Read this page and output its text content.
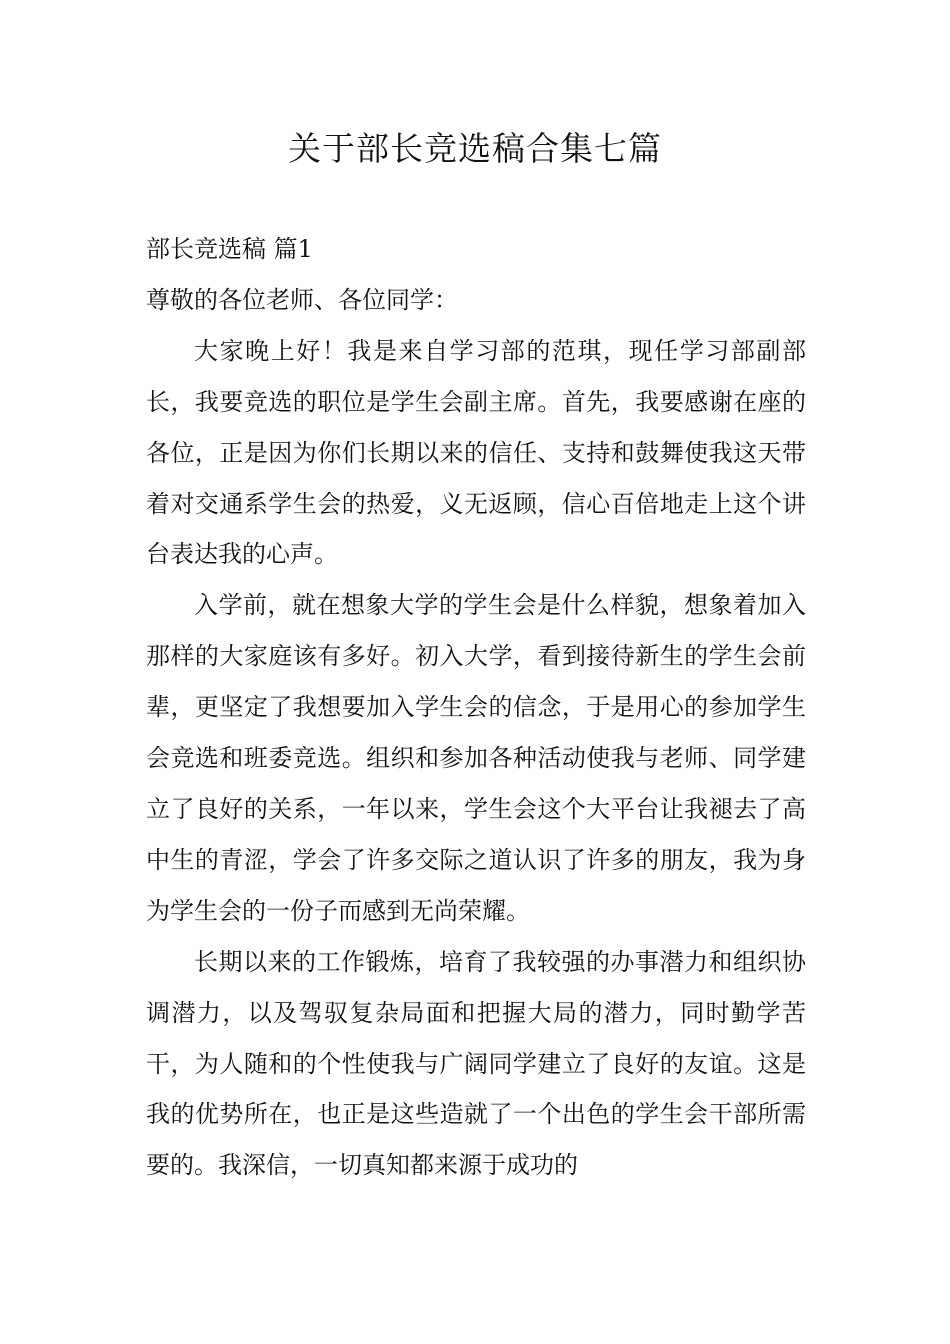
关于部长竞选稿合集七篇

部长竞选稿 篇1

尊敬的各位老师、各位同学：

大家晚上好！我是来自学习部的范琪，现任学习部副部长，我要竞选的职位是学生会副主席。首先，我要感谢在座的各位，正是因为你们长期以来的信任、支持和鼓舞使我这天带着对交通系学生会的热爱，义无返顾，信心百倍地走上这个讲台表达我的心声。

入学前，就在想象大学的学生会是什么样貌，想象着加入那样的大家庭该有多好。初入大学，看到接待新生的学生会前辈，更坚定了我想要加入学生会的信念，于是用心的参加学生会竞选和班委竞选。组织和参加各种活动使我与老师、同学建立了良好的关系，一年以来，学生会这个大平台让我褪去了高中生的青涩，学会了许多交际之道认识了许多的朋友，我为身为学生会的一份子而感到无尚荣耀。

长期以来的工作锻炼，培育了我较强的办事潜力和组织协调潜力，以及驾驭复杂局面和把握大局的潜力，同时勤学苦干，为人随和的个性使我与广阔同学建立了良好的友谊。这是我的优势所在，也正是这些造就了一个出色的学生会干部所需要的。我深信，一切真知都来源于成功的
